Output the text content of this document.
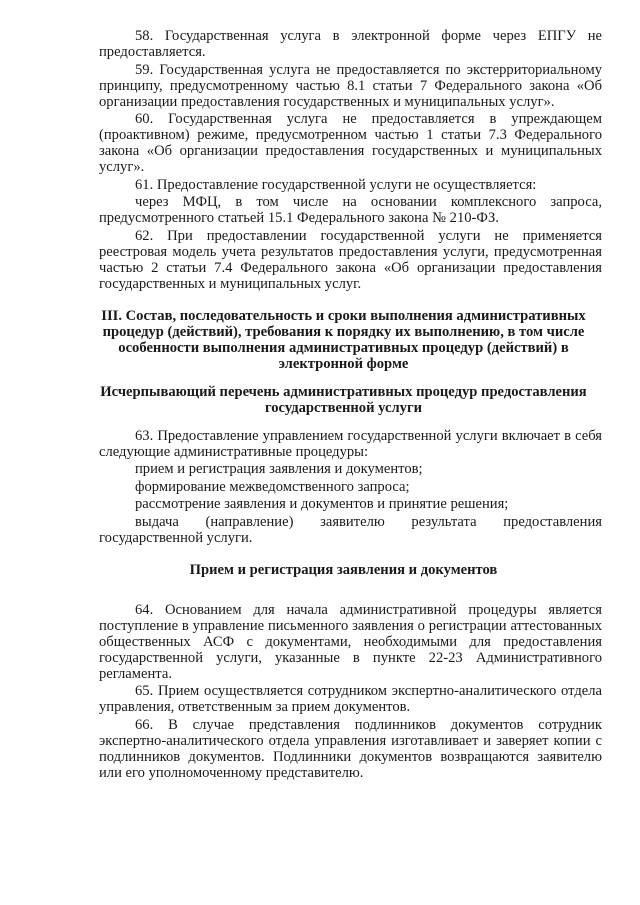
58. Государственная услуга в электронной форме через ЕПГУ не предоставляется.

59. Государственная услуга не предоставляется по экстерриториальному принципу, предусмотренному частью 8.1 статьи 7 Федерального закона «Об организации предоставления государственных и муниципальных услуг».

60. Государственная услуга не предоставляется в упреждающем (проактивном) режиме, предусмотренном частью 1 статьи 7.3 Федерального закона «Об организации предоставления государственных и муниципальных услуг».

61. Предоставление государственной услуги не осуществляется:

через МФЦ, в том числе на основании комплексного запроса, предусмотренного статьей 15.1 Федерального закона № 210-ФЗ.

62. При предоставлении государственной услуги не применяется реестровая модель учета результатов предоставления услуги, предусмотренная частью 2 статьи 7.4 Федерального закона «Об организации предоставления государственных и муниципальных услуг.

III. Состав, последовательность и сроки выполнения административных процедур (действий), требования к порядку их выполнению, в том числе особенности выполнения административных процедур (действий) в электронной форме
Исчерпывающий перечень административных процедур предоставления государственной услуги

63. Предоставление управлением государственной услуги включает в себя следующие административные процедуры:

прием и регистрация заявления и документов;
формирование межведомственного запроса;
рассмотрение заявления и документов и принятие решения;
выдача (направление) заявителю результата предоставления государственной услуги.
Прием и регистрация заявления и документов

64. Основанием для начала административной процедуры является поступление в управление письменного заявления о регистрации аттестованных общественных АСФ с документами, необходимыми для предоставления государственной услуги, указанные в пункте 22-23 Административного регламента.

65. Прием осуществляется сотрудником экспертно-аналитического отдела управления, ответственным за прием документов.

66. В случае представления подлинников документов сотрудник экспертно-аналитического отдела управления изготавливает и заверяет копии с подлинников документов. Подлинники документов возвращаются заявителю или его уполномоченному представителю.
